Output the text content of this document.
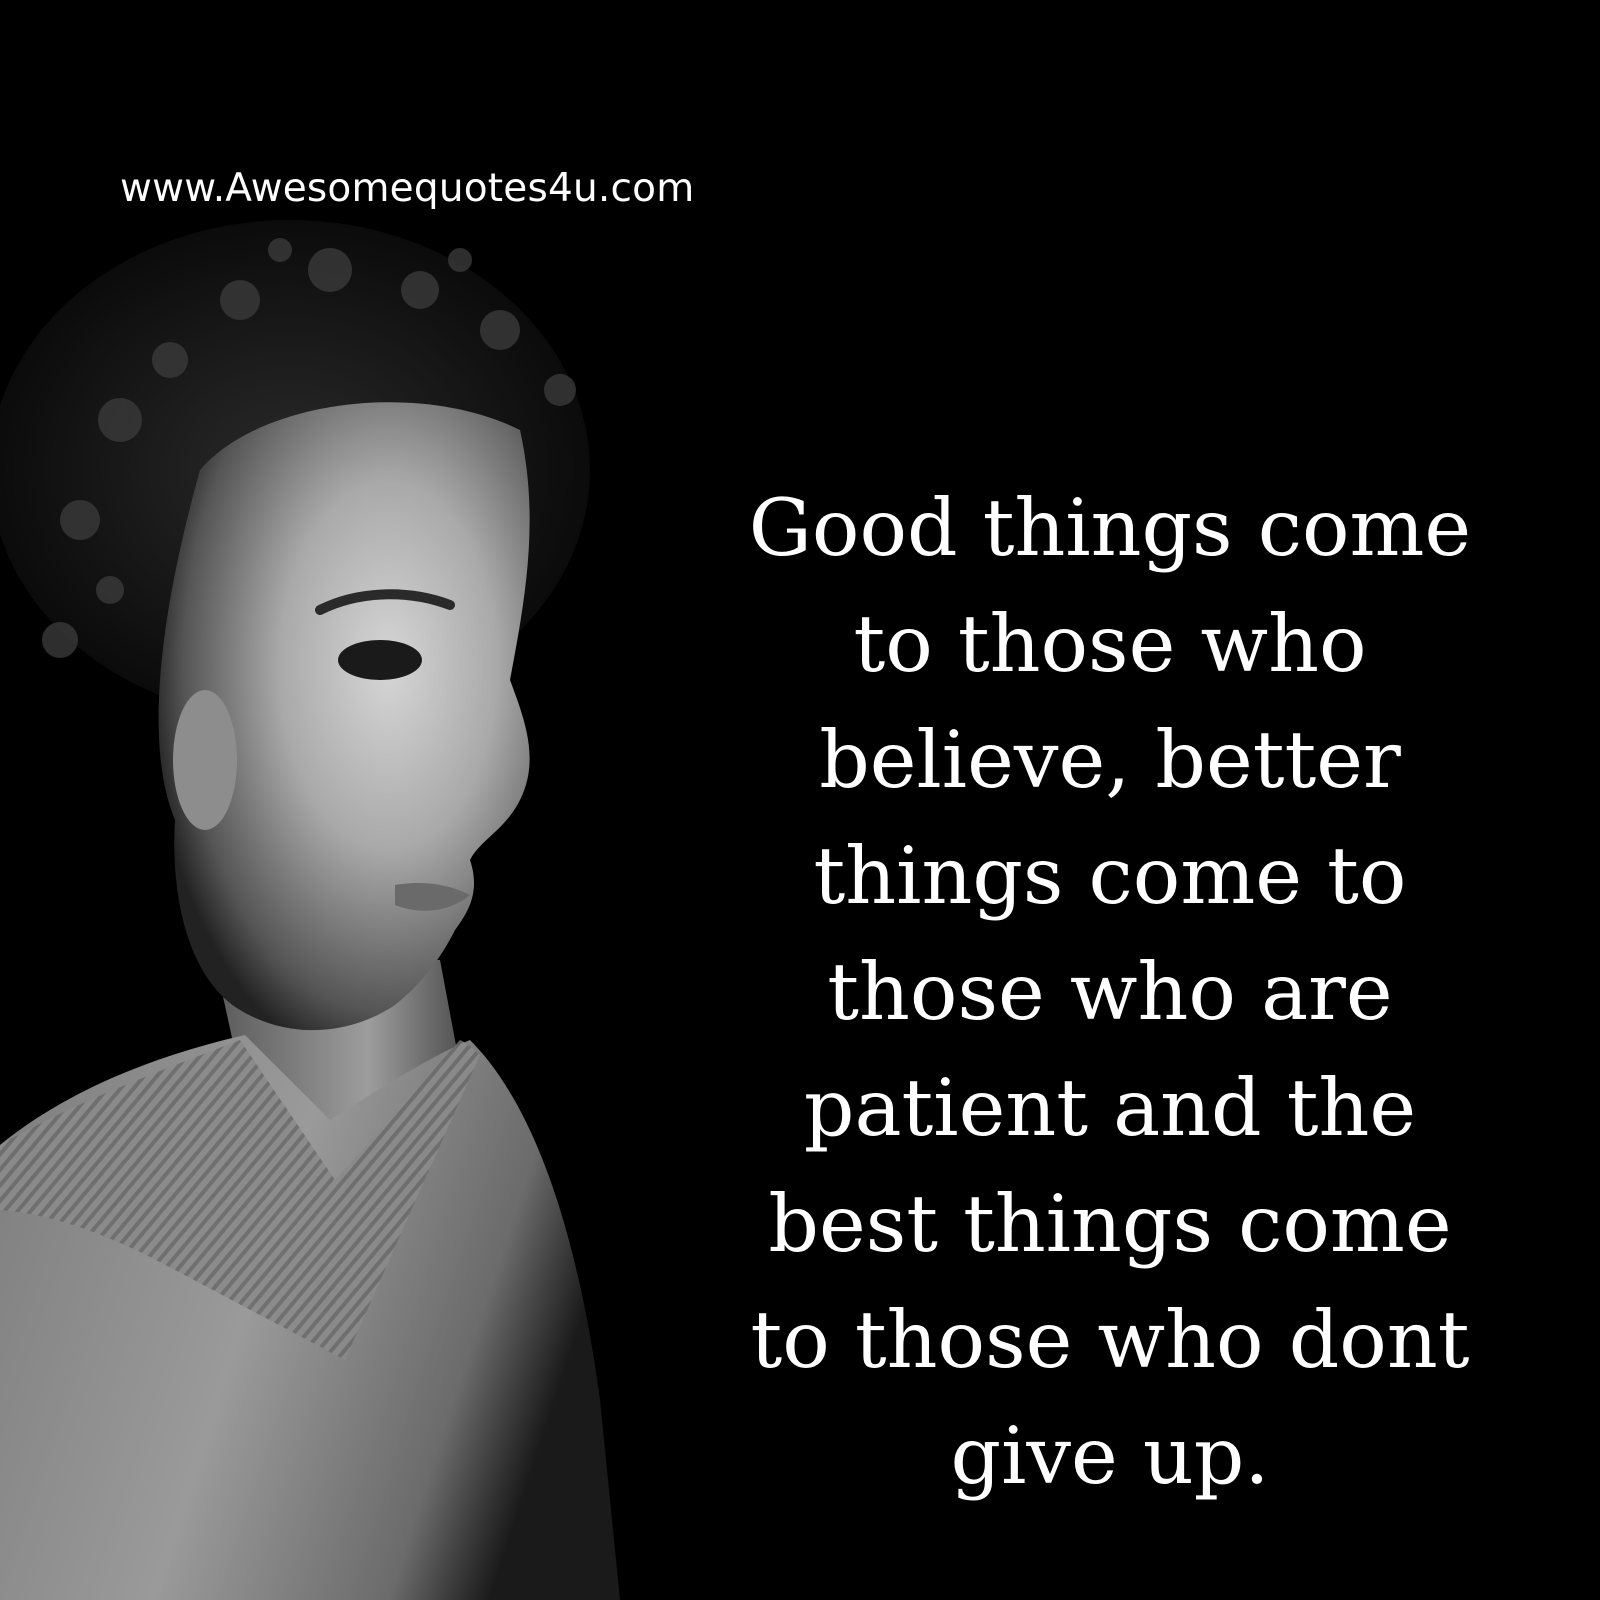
www.Awesomequotes4u.com
Good things come
to those who
believe, better
things come to
those who are
patient and the
best things come
to those who dont
give up.
